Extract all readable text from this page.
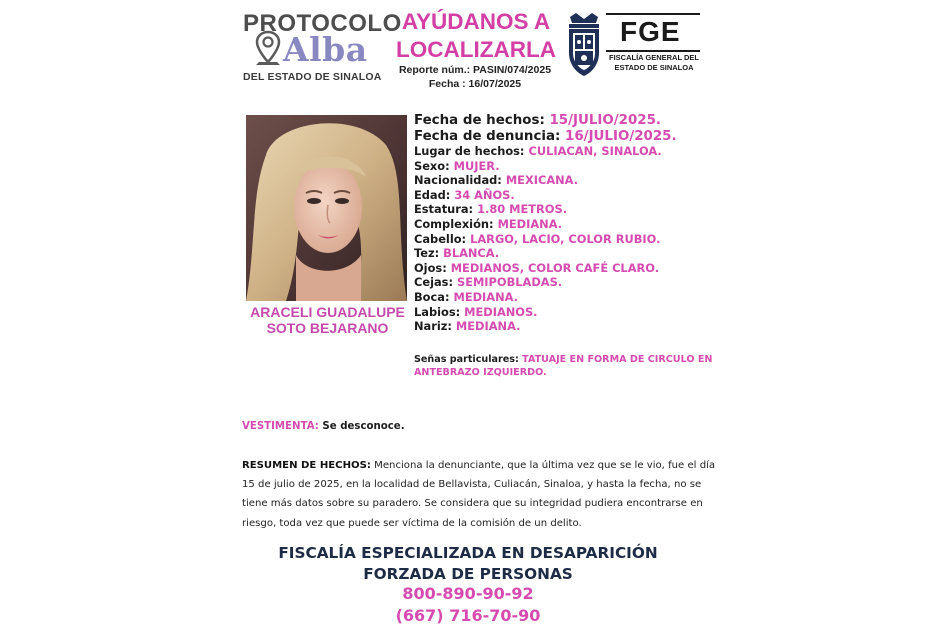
PROTOCOLO
Alba
DEL ESTADO DE SINALOA
AYÚDANOS A
LOCALIZARLA
Reporte núm.: PASIN/074/2025
Fecha : 16/07/2025
FGE
FISCALÍA GENERAL DEL
ESTADO DE SINALOA
ARACELI GUADALUPE
SOTO BEJARANO
Fecha de hechos: 15/JULIO/2025.
Fecha de denuncia: 16/JULIO/2025.
Lugar de hechos: CULIACAN, SINALOA.
Sexo: MUJER.
Nacionalidad: MEXICANA.
Edad: 34 AÑOS.
Estatura: 1.80 METROS.
Complexión: MEDIANA.
Cabello: LARGO, LACIO, COLOR RUBIO.
Tez: BLANCA.
Ojos: MEDIANOS, COLOR CAFÉ CLARO.
Cejas: SEMIPOBLADAS.
Boca: MEDIANA.
Labios: MEDIANOS.
Nariz: MEDIANA.
Señas particulares: TATUAJE EN FORMA DE CIRCULO EN
ANTEBRAZO IZQUIERDO.
VESTIMENTA: Se desconoce.
RESUMEN DE HECHOS: Menciona la denunciante, que la última vez que se le vio, fue el día 15 de julio de 2025, en la localidad de Bellavista, Culiacán, Sinaloa, y hasta la fecha, no se tiene más datos sobre su paradero. Se considera que su integridad pudiera encontrarse en riesgo, toda vez que puede ser víctima de la comisión de un delito.
FISCALÍA ESPECIALIZADA EN DESAPARICIÓN
FORZADA DE PERSONAS
800-890-90-92
(667) 716-70-90
